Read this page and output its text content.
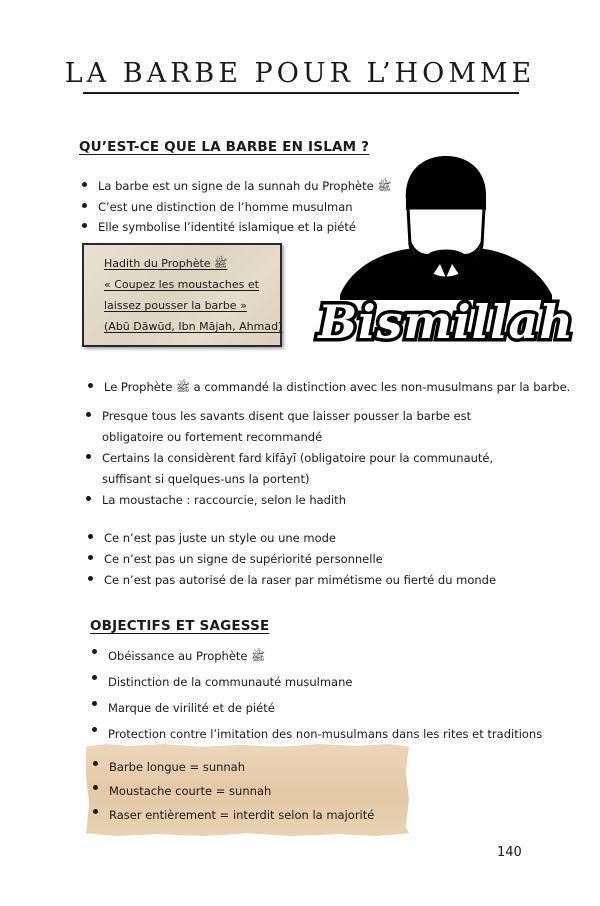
LA BARBE POUR L’HOMME
QU’EST-CE QUE LA BARBE EN ISLAM ?
La barbe est un signe de la sunnah du Prophète ﷺ
C’est une distinction de l’homme musulman
Elle symbolise l’identité islamique et la piété
Hadith du Prophète ﷺ
« Coupez les moustaches et
laissez pousser la barbe »
(Abū Dāwūd, Ibn Mājah, Ahmad) Bismillah
Le Prophète ﷺ a commandé la distinction avec les non-musulmans par la barbe.
Presque tous les savants disent que laisser pousser la barbe est obligatoire ou fortement recommandé
Certains la considèrent fard kifāyī (obligatoire pour la communauté, suffisant si quelques-uns la portent)
La moustache : raccourcie, selon le hadith
Ce n’est pas juste un style ou une mode
Ce n’est pas un signe de supériorité personnelle
Ce n’est pas autorisé de la raser par mimétisme ou fierté du monde
OBJECTIFS ET SAGESSE
Obéissance au Prophète ﷺ
Distinction de la communauté musulmane
Marque de virilité et de piété
Protection contre l’imitation des non-musulmans dans les rites et traditions
Barbe longue = sunnah
Moustache courte = sunnah
Raser entièrement = interdit selon la majorité
140
